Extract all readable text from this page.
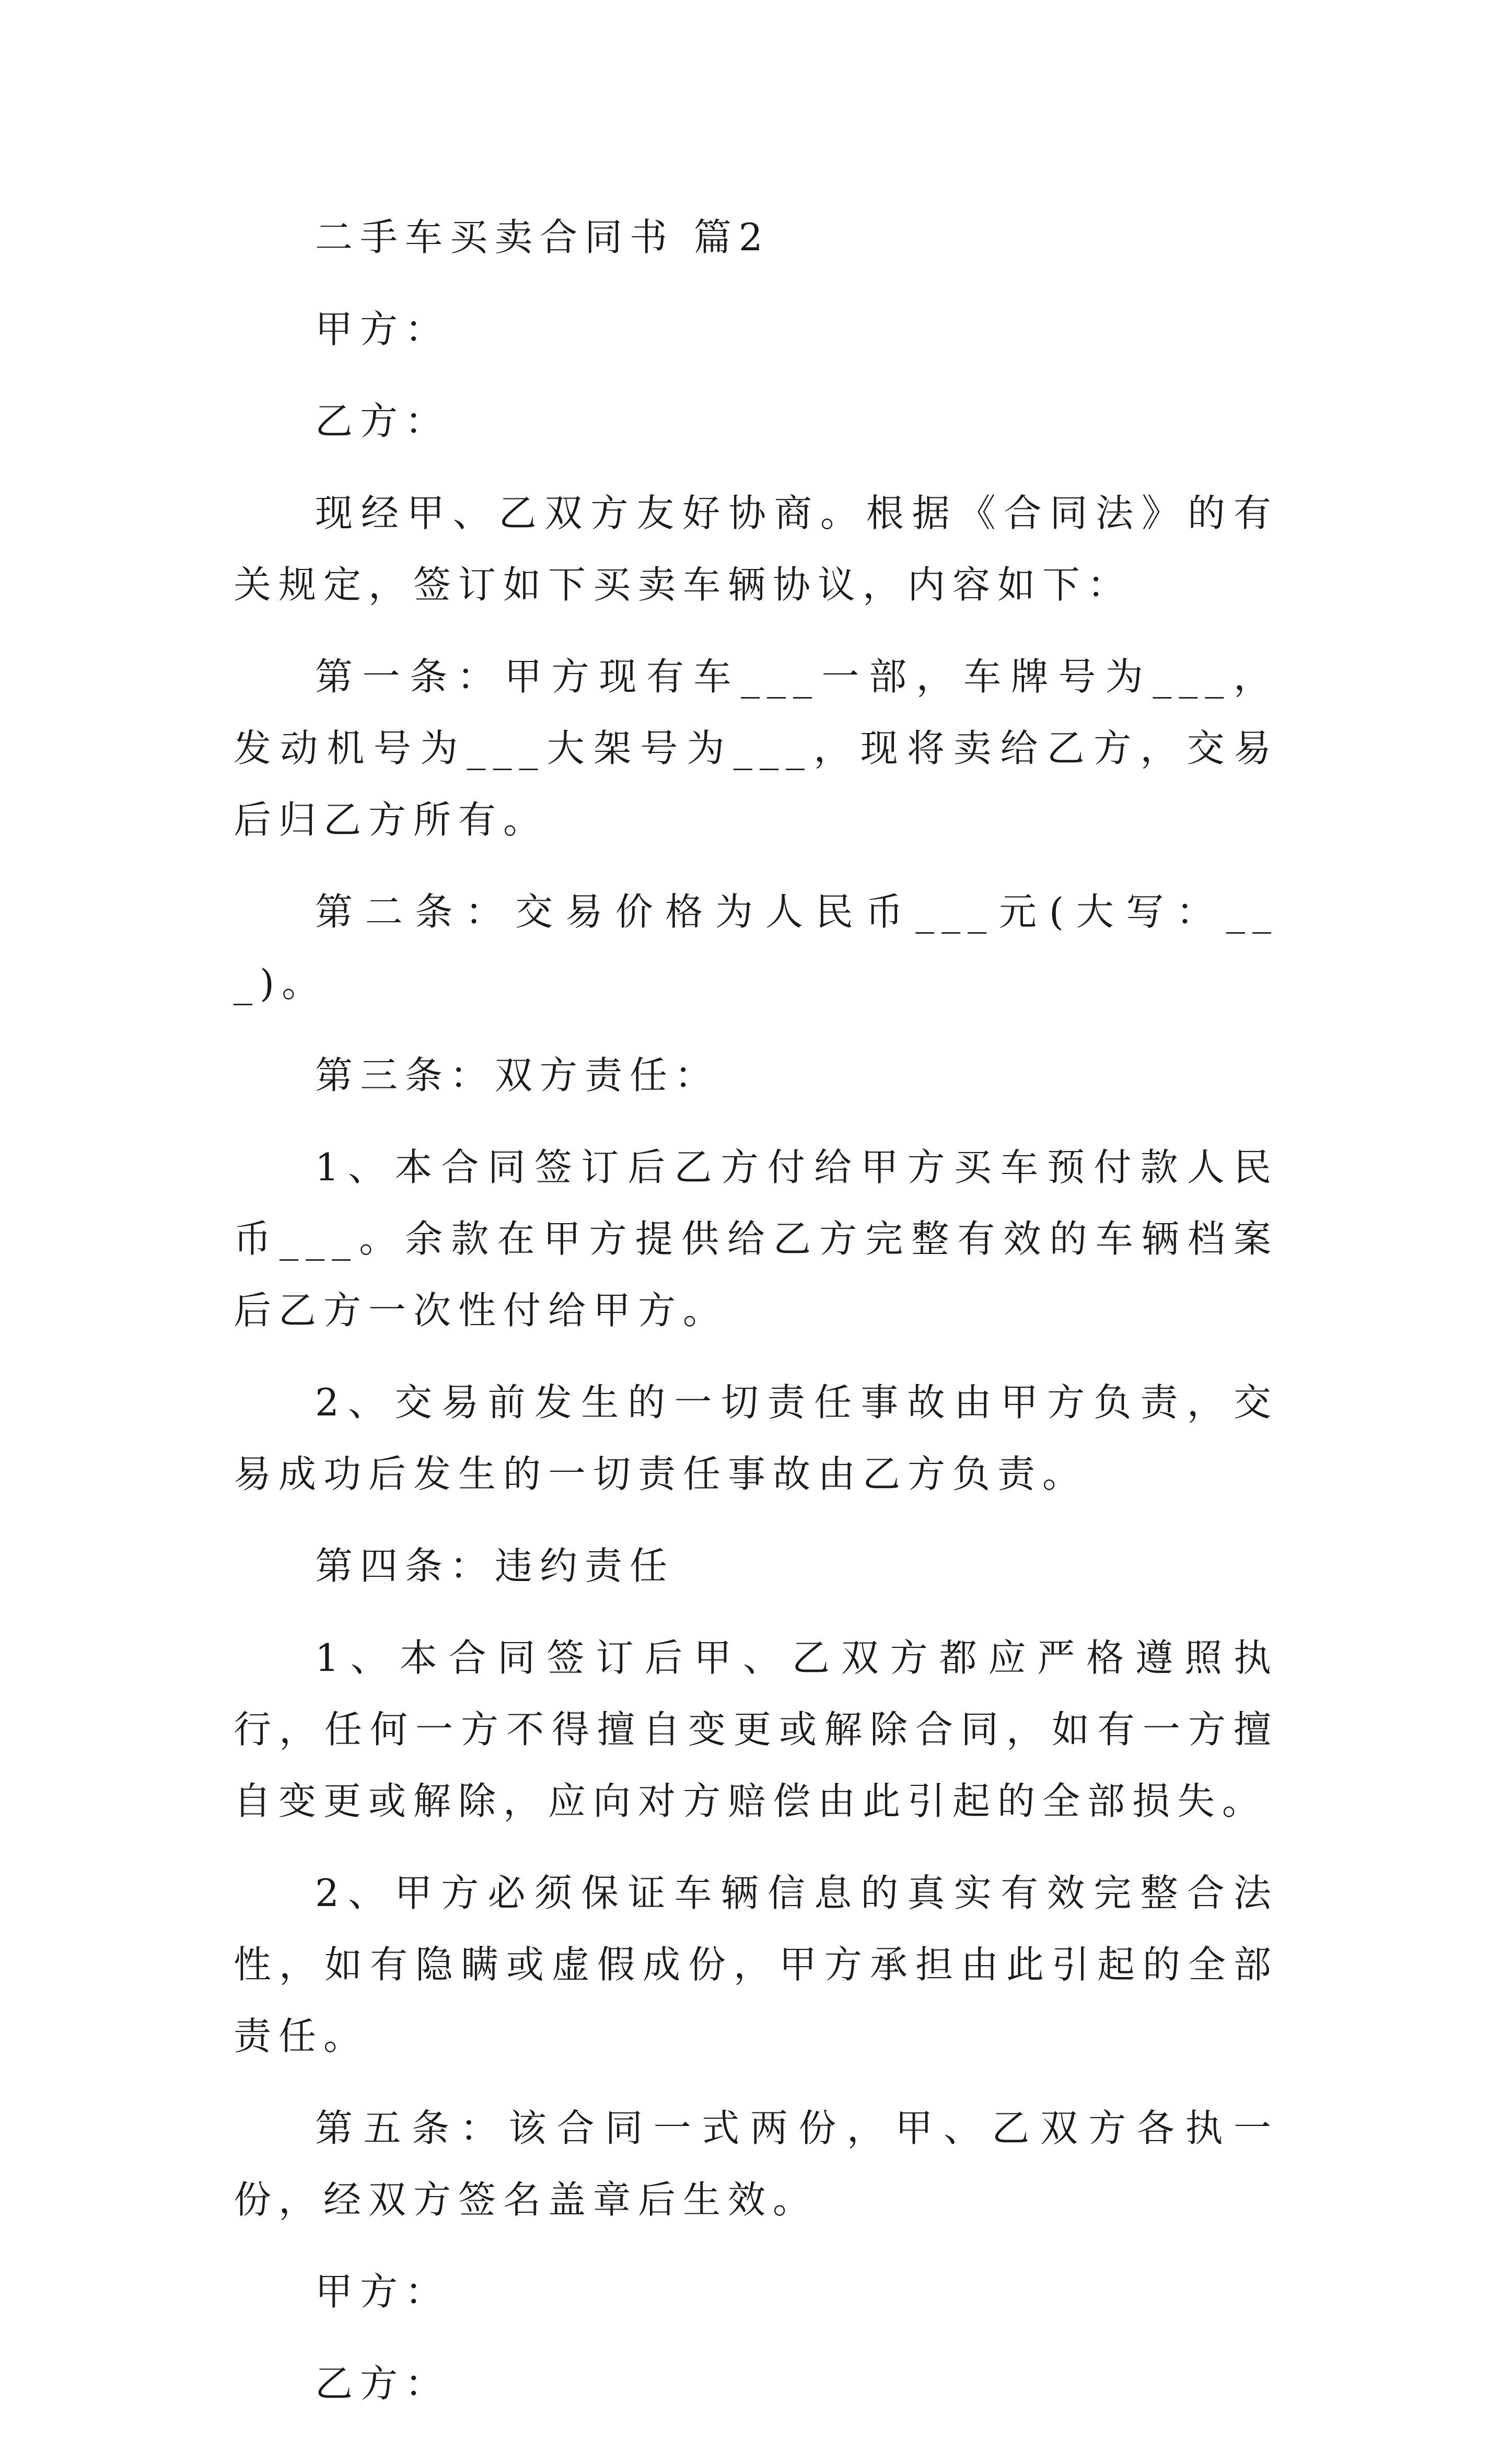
二手车买卖合同书 篇2

甲方：

乙方：

现经甲、乙双方友好协商。根据《合同法》的有关规定，签订如下买卖车辆协议，内容如下：

第一条：甲方现有车___一部，车牌号为___，发动机号为___大架号为___，现将卖给乙方，交易后归乙方所有。

第二条：交易价格为人民币___元(大写：___)。

第三条：双方责任：

1、本合同签订后乙方付给甲方买车预付款人民币___。余款在甲方提供给乙方完整有效的车辆档案后乙方一次性付给甲方。

2、交易前发生的一切责任事故由甲方负责，交易成功后发生的一切责任事故由乙方负责。

第四条：违约责任

1、本合同签订后甲、乙双方都应严格遵照执行，任何一方不得擅自变更或解除合同，如有一方擅自变更或解除，应向对方赔偿由此引起的全部损失。

2、甲方必须保证车辆信息的真实有效完整合法性，如有隐瞒或虚假成份，甲方承担由此引起的全部责任。

第五条：该合同一式两份，甲、乙双方各执一份，经双方签名盖章后生效。

甲方：

乙方：
